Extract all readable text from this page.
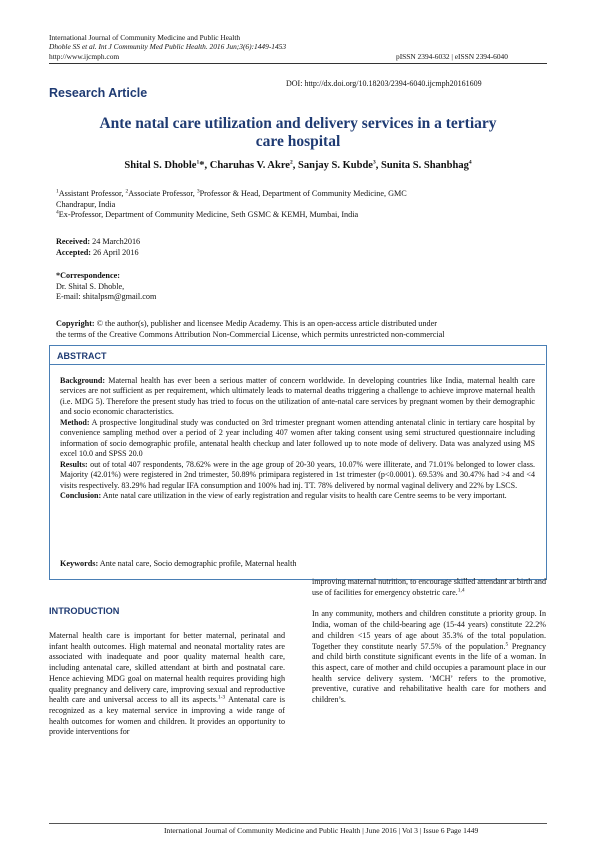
International Journal of Community Medicine and Public Health
Dhoble SS et al. Int J Community Med Public Health. 2016 Jun;3(6):1449-1453
http://www.ijcmph.com	pISSN 2394-6032 | eISSN 2394-6040
DOI: http://dx.doi.org/10.18203/2394-6040.ijcmph20161609
Research Article
Ante natal care utilization and delivery services in a tertiary
care hospital
Shital S. Dhoble$^1$*, Charuhas V. Akre$^2$, Sanjay S. Kubde$^3$, Sunita S. Shanbhag$^4$
$^1$Assistant Professor, $^2$Associate Professor, $^3$Professor & Head, Department of Community Medicine, GMC
Chandrapur, India
$^4$Ex-Professor, Department of Community Medicine, Seth GSMC & KEMH, Mumbai, India
Received: 24 March2016
Accepted: 26 April 2016
*Correspondence:
Dr. Shital S. Dhoble,
E-mail: shitalpsm@gmail.com
Copyright: © the author(s), publisher and licensee Medip Academy. This is an open-access article distributed under
the terms of the Creative Commons Attribution Non-Commercial License, which permits unrestricted non-commercial
ABSTRACT
Background: Maternal health has ever been a serious matter of concern worldwide. In developing countries like India, maternal health care services are not sufficient as per requirement, which ultimately leads to maternal deaths triggering a challenge to achieve improve maternal health (i.e. MDG 5). Therefore the present study has tried to focus on the utilization of ante-natal care services by pregnant women by their demographic and socio economic characteristics.
Method: A prospective longitudinal study was conducted on 3rd trimester pregnant women attending antenatal clinic in tertiary care hospital by convenience sampling method over a period of 2 year including 407 women after taking consent using semi structured questionnaire including information of socio demographic profile, antenatal health checkup and later followed up to note mode of delivery. Data was analyzed using MS excel 10.0 and SPSS 20.0
Results: out of total 407 respondents, 78.62% were in the age group of 20-30 years, 10.07% were illiterate, and 71.01% belonged to lower class. Majority (42.01%) were registered in 2nd trimester, 50.89% primipara registered in 1st trimester (p<0.0001). 69.53% and 30.47% had >4 and <4 visits respectively. 83.29% had regular IFA consumption and 100% had inj. TT. 78% delivered by normal vaginal delivery and 22% by LSCS.
Conclusion: Ante natal care utilization in the view of early registration and regular visits to health care Centre seems to be very important.
Keywords: Ante natal care, Socio demographic profile, Maternal health
INTRODUCTION
Maternal health care is important for better maternal, perinatal and infant health outcomes. High maternal and neonatal mortality rates are associated with inadequate and poor quality maternal health care, including antenatal care, skilled attendant at birth and postnatal care. Hence achieving MDG goal on maternal health requires providing high quality pregnancy and delivery care, improving sexual and reproductive health care and universal access to all its aspects.$^{1-3}$ Antenatal care is recognized as a key maternal service in improving a wide range of health outcomes for women and children. It provides an opportunity to provide interventions for
improving maternal nutrition, to encourage skilled attendant at birth and use of facilities for emergency obstetric care.$^{1,4}$
In any community, mothers and children constitute a priority group. In India, woman of the child-bearing age (15-44 years) constitute 22.2% and children <15 years of age about 35.3% of the total population. Together they constitute nearly 57.5% of the population.$^5$ Pregnancy and child birth constitute significant events in the life of a woman. In this aspect, care of mother and child occupies a paramount place in our health service delivery system. ‘MCH’ refers to the promotive, preventive, curative and rehabilitative health care for mothers and children’s.
International Journal of Community Medicine and Public Health | June 2016 | Vol 3 | Issue 6 Page 1449
